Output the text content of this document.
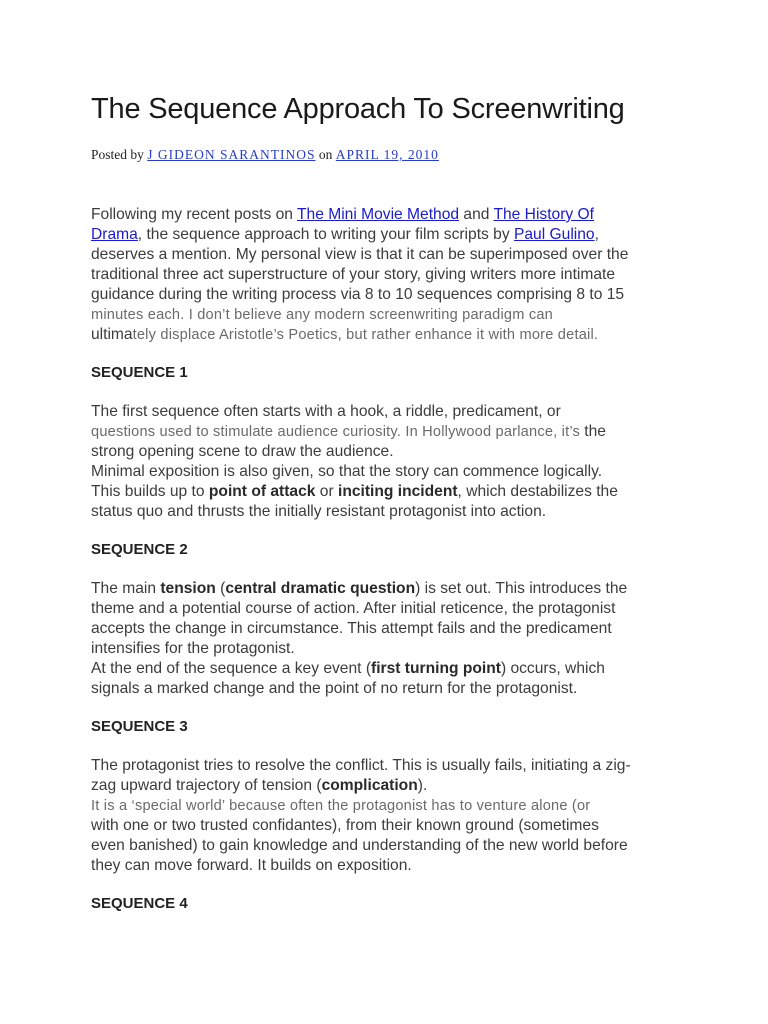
The Sequence Approach To Screenwriting
Posted by J GIDEON SARANTINOS on APRIL 19, 2010
Following my recent posts on The Mini Movie Method and The History Of
Drama, the sequence approach to writing your film scripts by Paul Gulino,
deserves a mention. My personal view is that it can be superimposed over the
traditional three act superstructure of your story, giving writers more intimate
guidance during the writing process via 8 to 10 sequences comprising 8 to 15
minutes each. I don’t believe any modern screenwriting paradigm can
ultimately displace Aristotle’s Poetics, but rather enhance it with more detail.
SEQUENCE 1
The first sequence often starts with a hook, a riddle, predicament, or
questions used to stimulate audience curiosity. In Hollywood parlance, it’s the
strong opening scene to draw the audience.
Minimal exposition is also given, so that the story can commence logically.
This builds up to point of attack or inciting incident, which destabilizes the
status quo and thrusts the initially resistant protagonist into action.
SEQUENCE 2
The main tension (central dramatic question) is set out. This introduces the
theme and a potential course of action. After initial reticence, the protagonist
accepts the change in circumstance. This attempt fails and the predicament
intensifies for the protagonist.
At the end of the sequence a key event (first turning point) occurs, which
signals a marked change and the point of no return for the protagonist.
SEQUENCE 3
The protagonist tries to resolve the conflict. This is usually fails, initiating a zig-
zag upward trajectory of tension (complication).
It is a ‘special world’ because often the protagonist has to venture alone (or
with one or two trusted confidantes), from their known ground (sometimes
even banished) to gain knowledge and understanding of the new world before
they can move forward. It builds on exposition.
SEQUENCE 4
